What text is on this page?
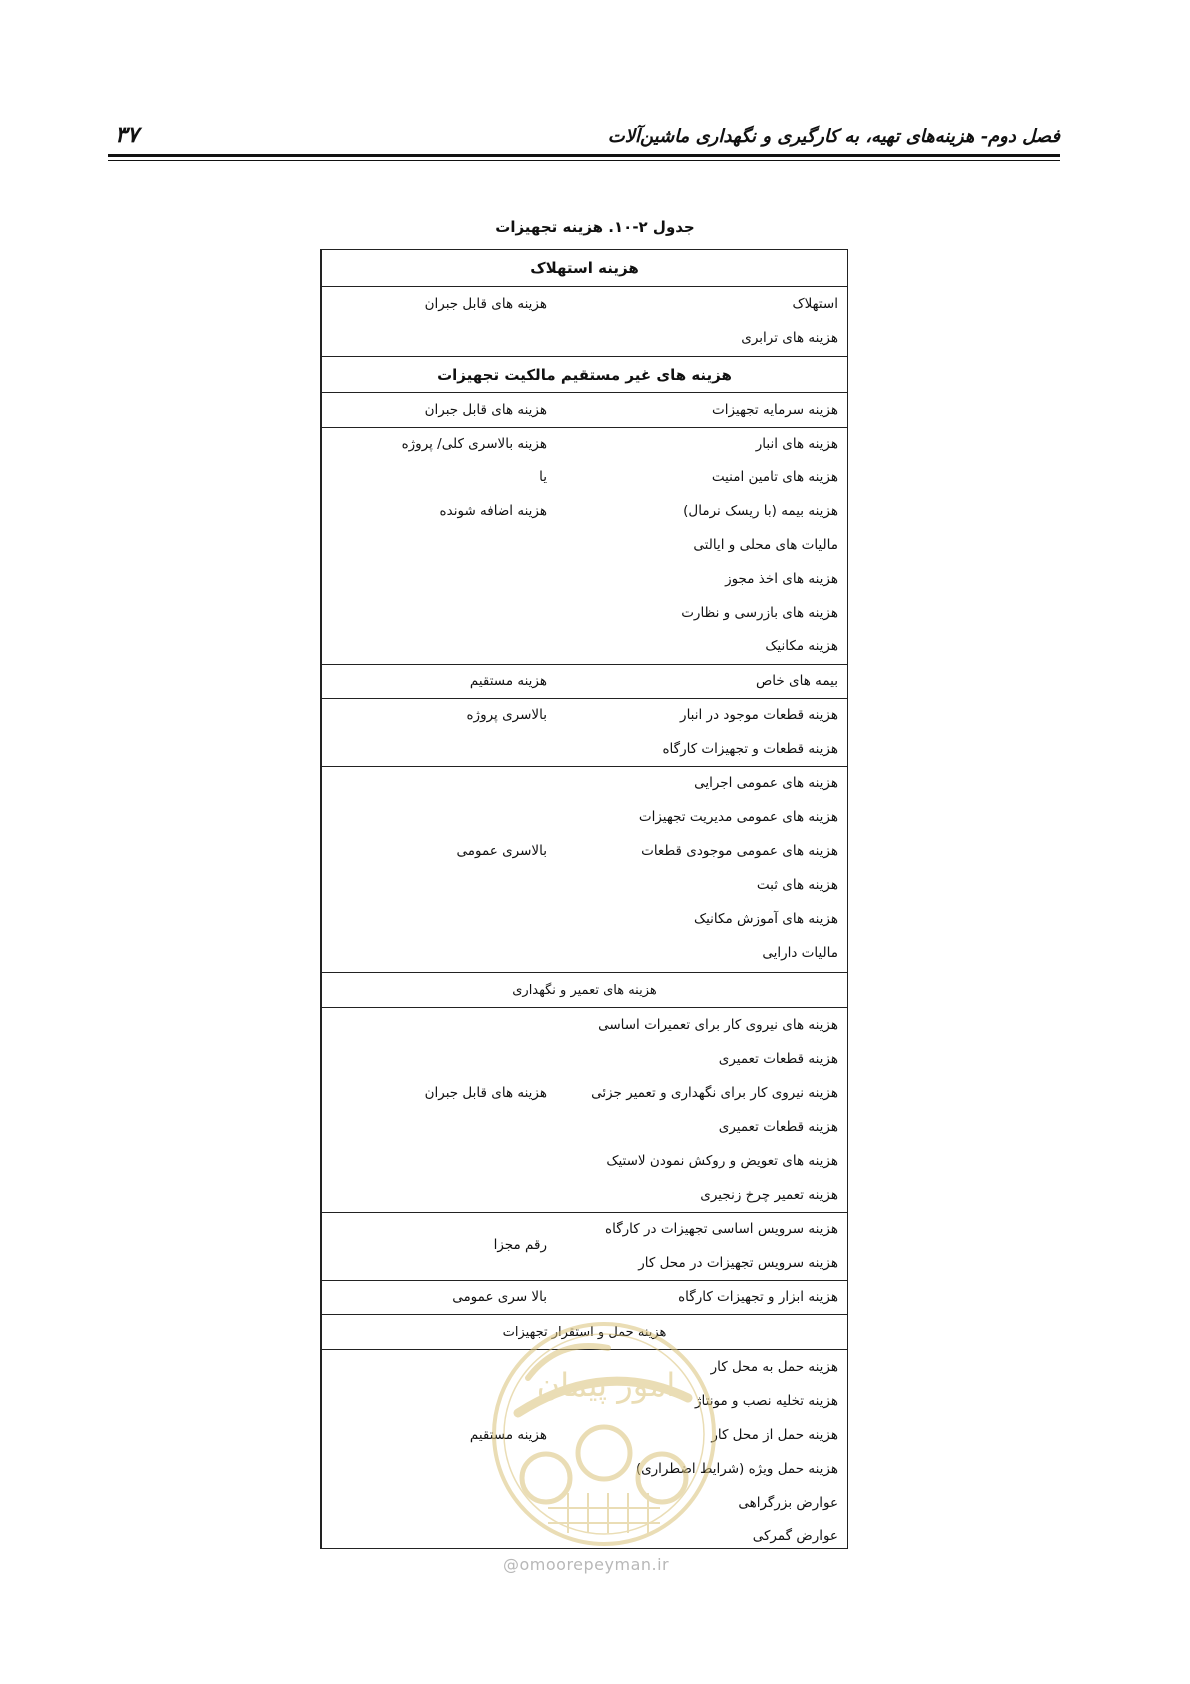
فصل دوم- هزینه‌های تهیه، به کارگیری و نگهداری ماشین‌آلات
۳۷
جدول ۲-۱۰. هزینه تجهیزات
هزینه استهلاک
استهلاک
هزینه های قابل جبران
هزینه های ترابری
هزینه های غیر مستقیم مالکیت تجهیزات
هزینه سرمایه تجهیزات
هزینه های قابل جبران
هزینه های انبار
هزینه های تامین امنیت
هزینه بیمه (با ریسک نرمال)
مالیات های محلی و ایالتی
هزینه های اخذ مجوز
هزینه های بازرسی و نظارت
هزینه مکانیک
هزینه بالاسری کلی/ پروژه
یا
هزینه اضافه شونده
بیمه های خاص
هزینه مستقیم
هزینه قطعات موجود در انبار
هزینه قطعات و تجهیزات کارگاه
بالاسری پروژه
هزینه های عمومی اجرایی
هزینه های عمومی مدیریت تجهیزات
هزینه های عمومی موجودی قطعات
هزینه های ثبت
هزینه های آموزش مکانیک
مالیات دارایی
بالاسری عمومی
هزینه های تعمیر و نگهداری
هزینه های نیروی کار برای تعمیرات اساسی
هزینه قطعات تعمیری
هزینه نیروی کار برای نگهداری و تعمیر جزئی
هزینه قطعات تعمیری
هزینه های تعویض و روکش نمودن لاستیک
هزینه تعمیر چرخ زنجیری
هزینه های قابل جبران
هزینه سرویس اساسی تجهیزات در کارگاه
هزینه سرویس تجهیزات در محل کار
رقم مجزا
هزینه ابزار و تجهیزات کارگاه
بالا سری عمومی
هزینه حمل و استقرار تجهیزات
هزینه حمل به محل کار
هزینه تخلیه نصب و مونتاژ
هزینه حمل از محل کار
هزینه حمل ویژه (شرایط اضطراری)
عوارض بزرگراهی
عوارض گمرکی
هزینه مستقیم
امور پیمان
@omoorepeyman.ir
